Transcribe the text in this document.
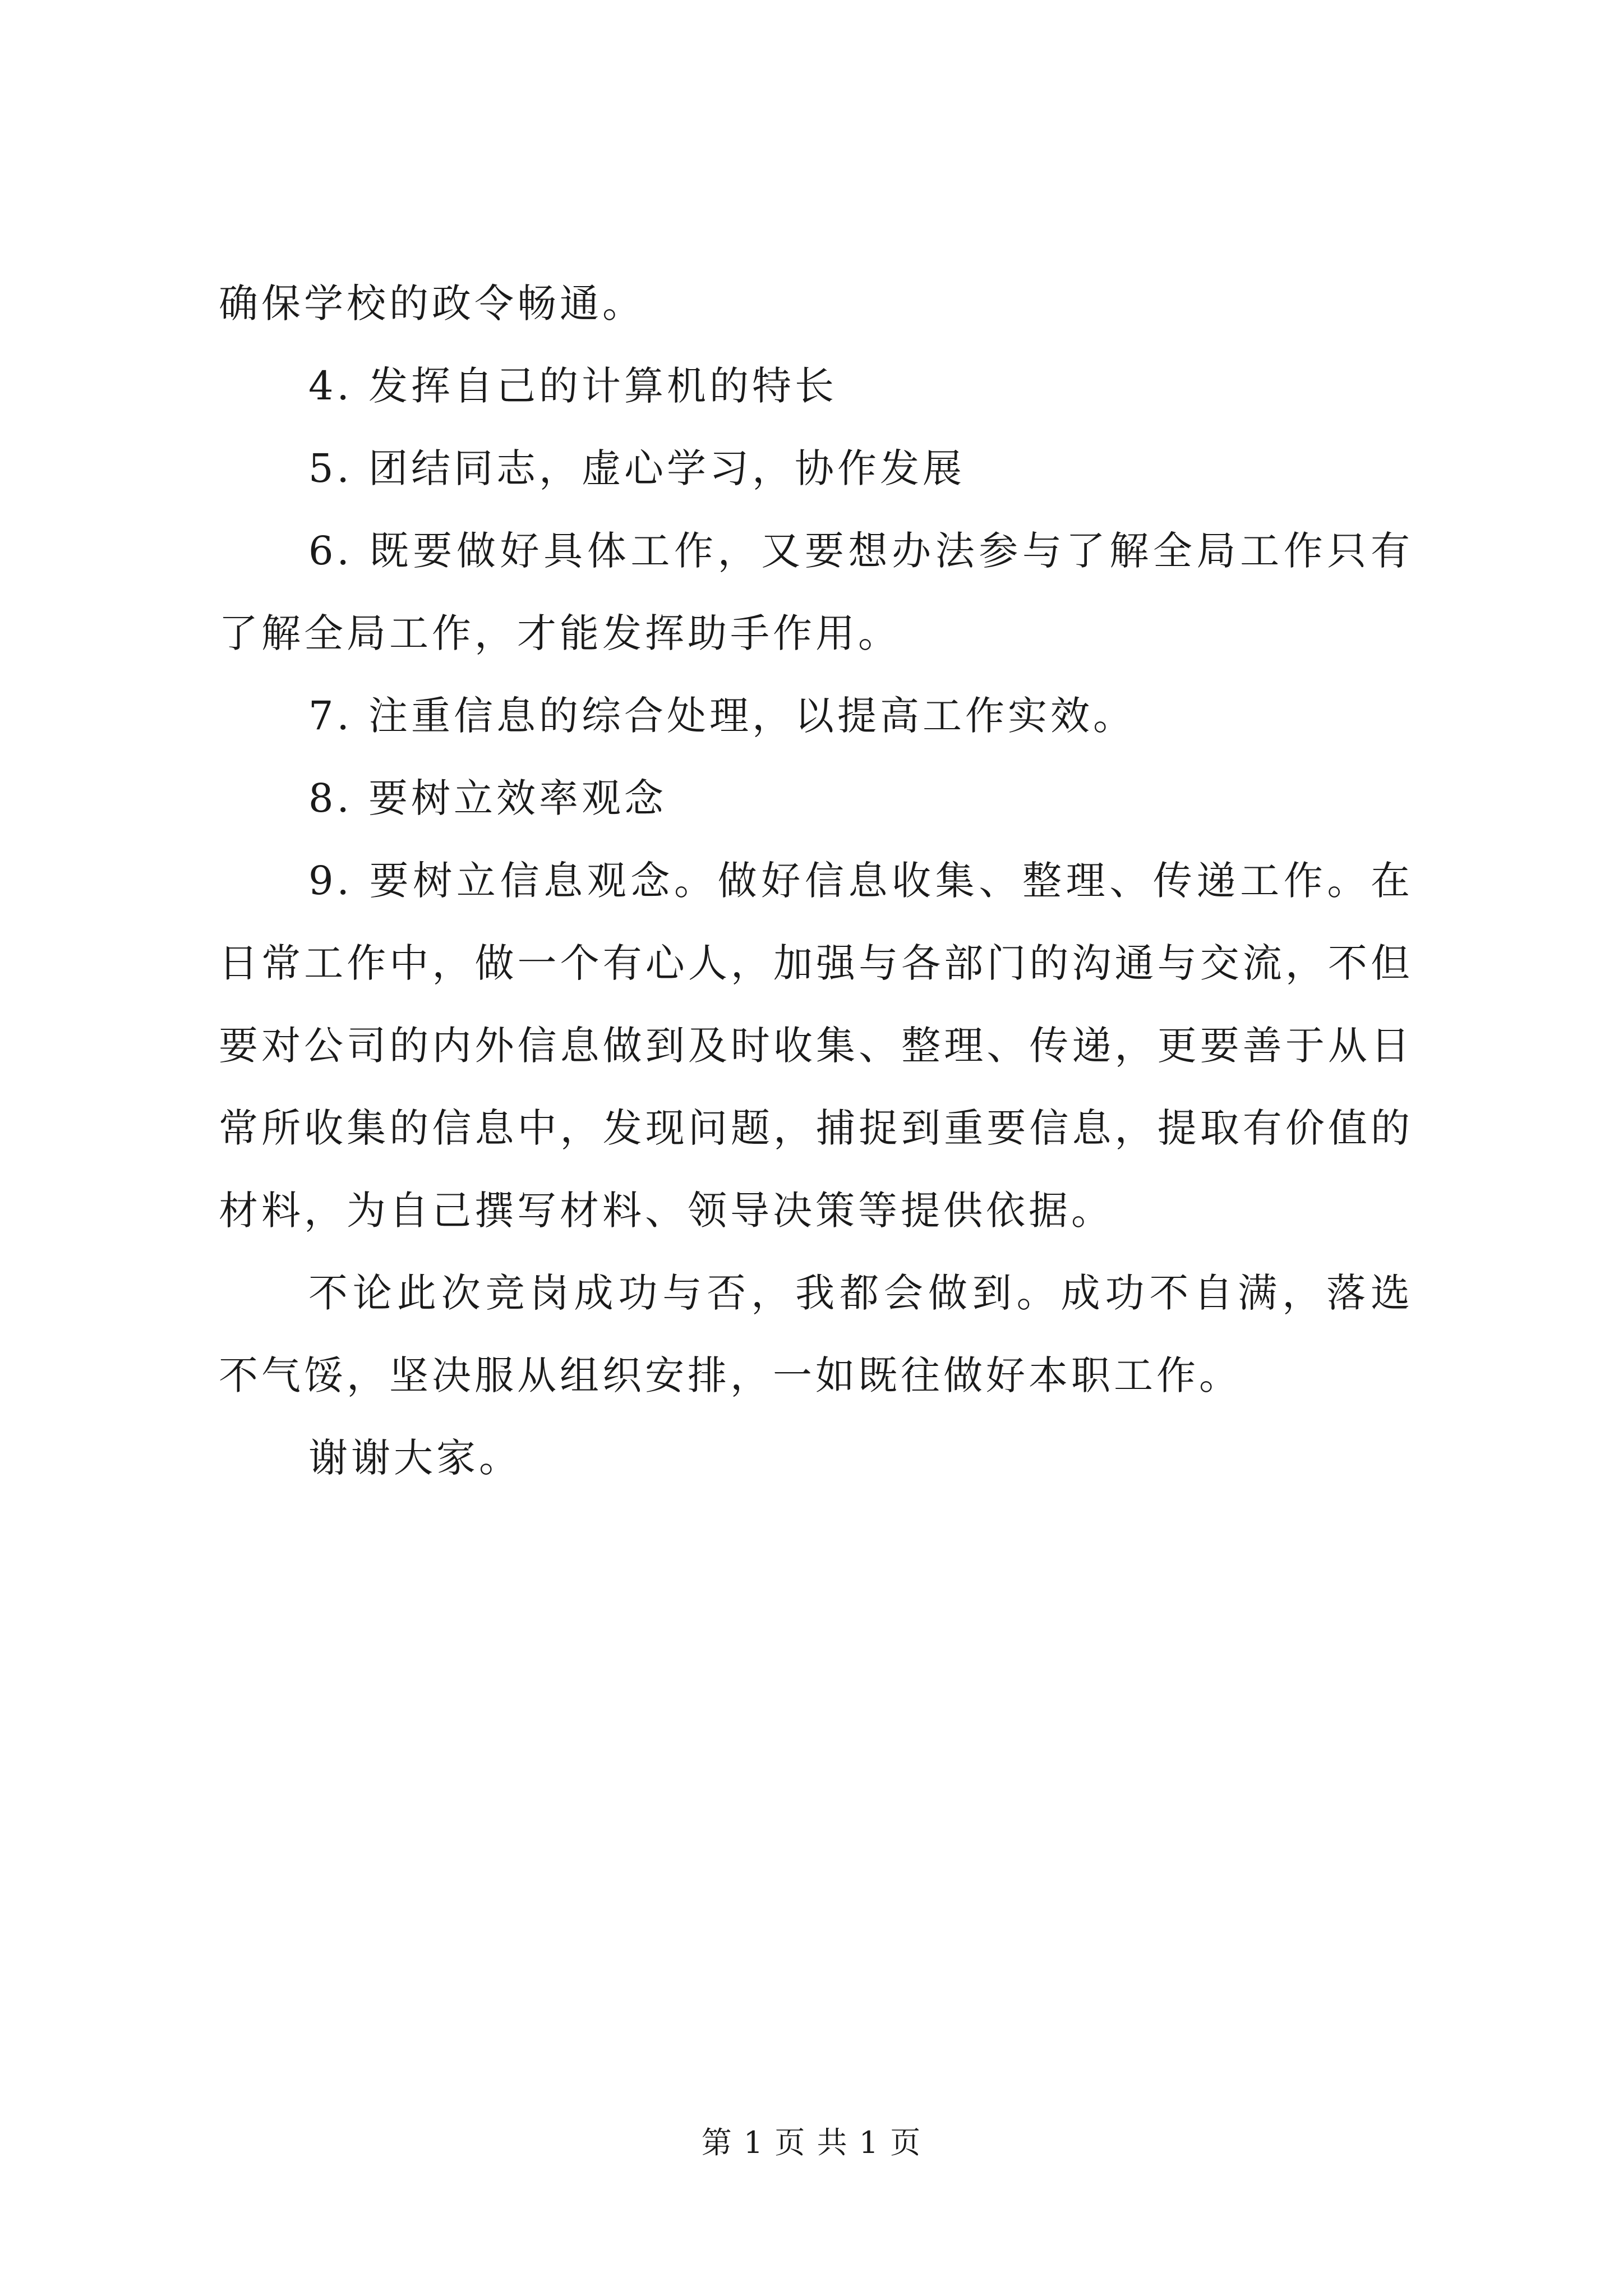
确保学校的政令畅通。

4. 发挥自己的计算机的特长

5. 团结同志，虚心学习，协作发展

6. 既要做好具体工作，又要想办法参与了解全局工作只有了解全局工作，才能发挥助手作用。

7. 注重信息的综合处理，以提高工作实效。

8. 要树立效率观念

9. 要树立信息观念。做好信息收集、整理、传递工作。在日常工作中，做一个有心人，加强与各部门的沟通与交流，不但要对公司的内外信息做到及时收集、整理、传递，更要善于从日常所收集的信息中，发现问题，捕捉到重要信息，提取有价值的材料，为自己撰写材料、领导决策等提供依据。

不论此次竞岗成功与否，我都会做到。成功不自满，落选不气馁，坚决服从组织安排，一如既往做好本职工作。

谢谢大家。

第 1 页 共 1 页
